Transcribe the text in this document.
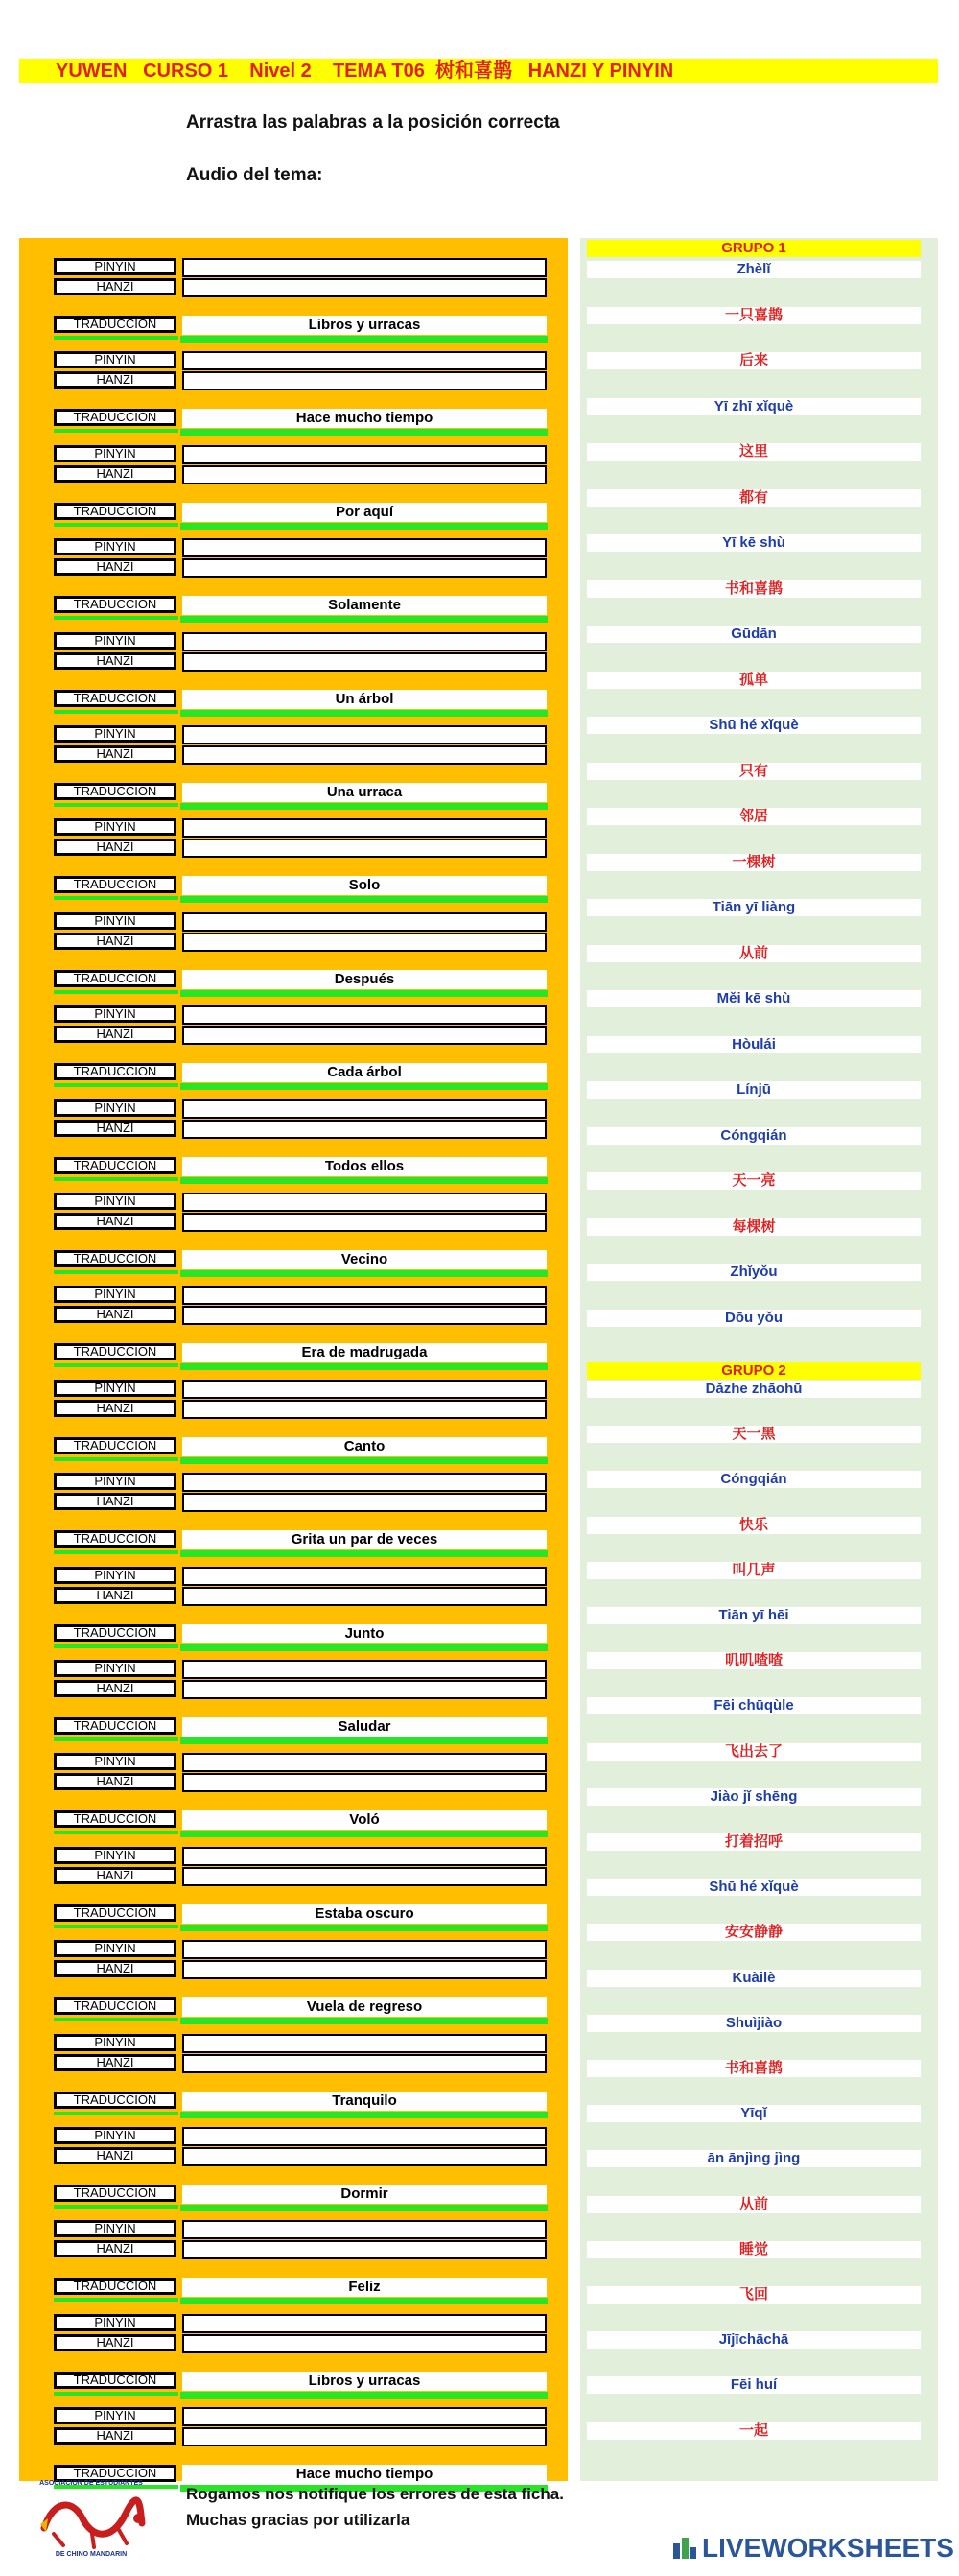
YUWEN   CURSO 1    Nivel 2    TEMA T06  树和喜鹊   HANZI Y PINYIN
Arrastra las palabras a la posición correcta
Audio del tema:
PINYIN
HANZI
TRADUCCION	Libros y urracas
PINYIN
HANZI
TRADUCCION	Hace mucho tiempo
PINYIN
HANZI
TRADUCCION	Por aquí
PINYIN
HANZI
TRADUCCION	Solamente
PINYIN
HANZI
TRADUCCION	Un árbol
PINYIN
HANZI
TRADUCCION	Una urraca
PINYIN
HANZI
TRADUCCION	Solo
PINYIN
HANZI
TRADUCCION	Después
PINYIN
HANZI
TRADUCCION	Cada árbol
PINYIN
HANZI
TRADUCCION	Todos ellos
PINYIN
HANZI
TRADUCCION	Vecino
PINYIN
HANZI
TRADUCCION	Era de madrugada
PINYIN
HANZI
TRADUCCION	Canto
PINYIN
HANZI
TRADUCCION	Grita un par de veces
PINYIN
HANZI
TRADUCCION	Junto
PINYIN
HANZI
TRADUCCION	Saludar
PINYIN
HANZI
TRADUCCION	Voló
PINYIN
HANZI
TRADUCCION	Estaba oscuro
PINYIN
HANZI
TRADUCCION	Vuela de regreso
PINYIN
HANZI
TRADUCCION	Tranquilo
PINYIN
HANZI
TRADUCCION	Dormir
PINYIN
HANZI
TRADUCCION	Feliz
PINYIN
HANZI
TRADUCCION	Libros y urracas
PINYIN
HANZI
TRADUCCION	Hace mucho tiempo
GRUPO 1
Zhèlǐ
一只喜鹊
后来
Yī zhī xǐquè
这里
都有
Yī kē shù
书和喜鹊
Gūdān
孤单
Shū hé xǐquè
只有
邻居
一棵树
Tiān yī liàng
从前
Měi kē shù
Hòulái
Línjū
Cóngqián
天一亮
每棵树
Zhǐyǒu
Dōu yǒu
GRUPO 2
Dǎzhe zhāohū
天一黑
Cóngqián
快乐
叫几声
Tiān yī hēi
叽叽喳喳
Fēi chūqùle
飞出去了
Jiào jǐ shēng
打着招呼
Shū hé xǐquè
安安静静
Kuàilè
Shuìjiào
书和喜鹊
Yīqǐ
ān ānjìng jìng
从前
睡觉
飞回
Jījīchāchā
Fēi huí
一起
Rogamos nos notifique los errores de esta ficha.
Muchas gracias por utilizarla
ASOCIACION DE ESTUDIANTES
DE CHINO MANDARIN	LIVEWORKSHEETS
